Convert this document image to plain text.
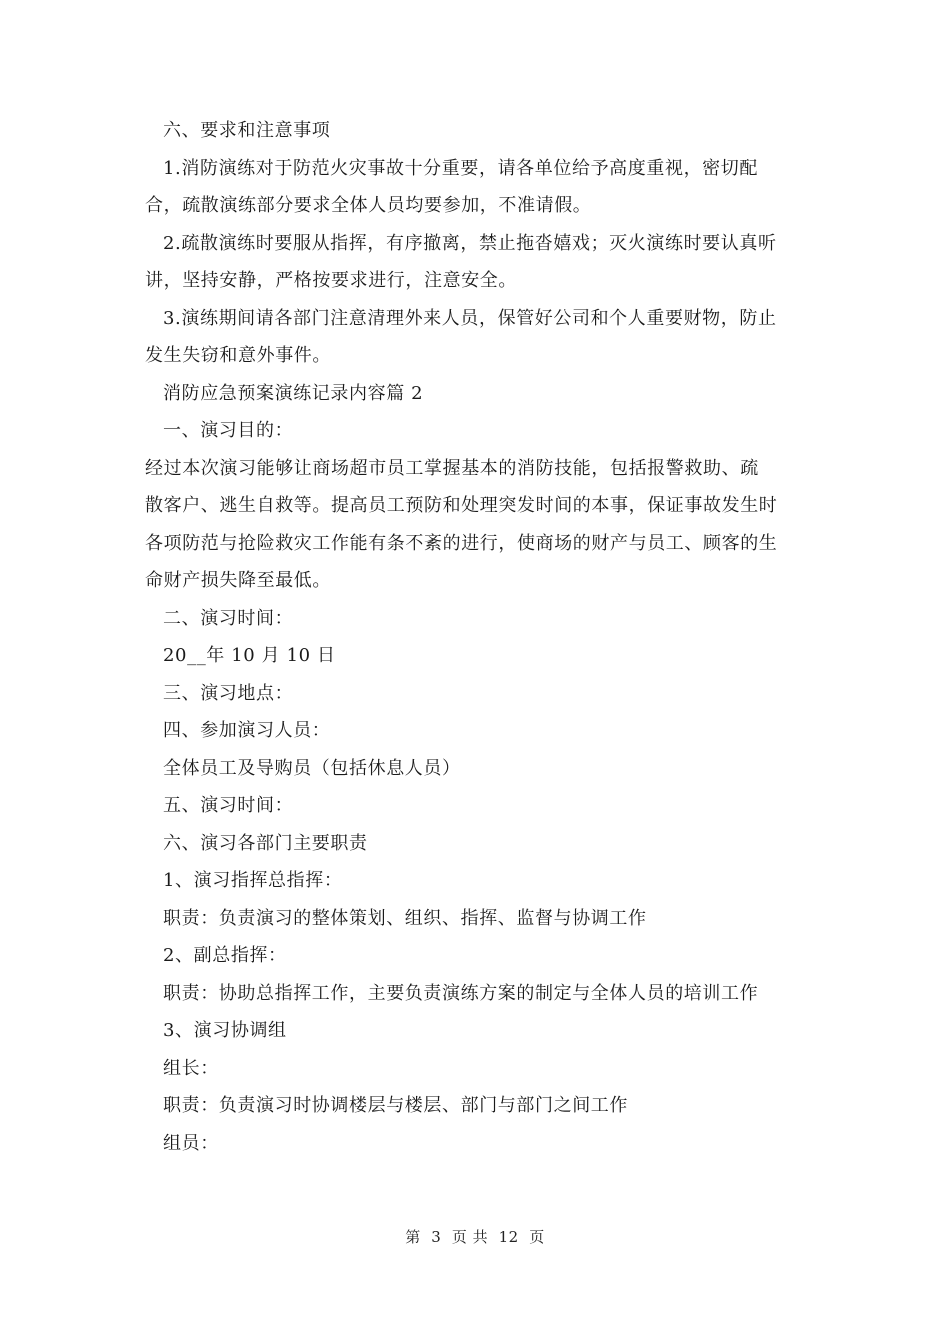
六、要求和注意事项
1.消防演练对于防范火灾事故十分重要，请各单位给予高度重视，密切配
合，疏散演练部分要求全体人员均要参加，不准请假。
2.疏散演练时要服从指挥，有序撤离，禁止拖沓嬉戏；灭火演练时要认真听
讲，坚持安静，严格按要求进行，注意安全。
3.演练期间请各部门注意清理外来人员，保管好公司和个人重要财物，防止
发生失窃和意外事件。
消防应急预案演练记录内容篇 2
一、演习目的：
经过本次演习能够让商场超市员工掌握基本的消防技能，包括报警救助、疏
散客户、逃生自救等。提高员工预防和处理突发时间的本事，保证事故发生时
各项防范与抢险救灾工作能有条不紊的进行，使商场的财产与员工、顾客的生
命财产损失降至最低。
二、演习时间：
20__年 10 月 10 日
三、演习地点：
四、参加演习人员：
全体员工及导购员（包括休息人员）
五、演习时间：
六、演习各部门主要职责
1、演习指挥总指挥：
职责：负责演习的整体策划、组织、指挥、监督与协调工作
2、副总指挥：
职责：协助总指挥工作，主要负责演练方案的制定与全体人员的培训工作
3、演习协调组
组长：
职责：负责演习时协调楼层与楼层、部门与部门之间工作
组员：
第  3  页 共  12  页
